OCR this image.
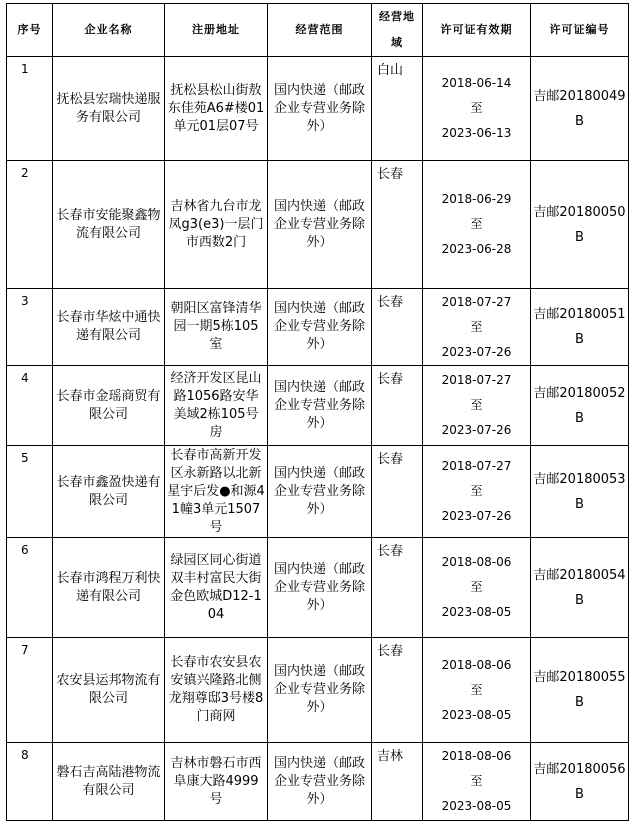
序号	企业名称	注册地址	经营范围	经营地域	许可证有效期	许可证编号
1	抚松县宏瑞快递服务有限公司	抚松县松山街敖东佳苑A6#楼01单元01层07号	国内快递（邮政企业专营业务除外）	白山	2018-06-14
至
2023-06-13	吉邮20180049B

2	长春市安能聚鑫物流有限公司	吉林省九台市龙凤g3(e3)一层门市西数2门	国内快递（邮政企业专营业务除外）	长春	2018-06-29
至
2023-06-28	吉邮20180050B

3	长春市华炫中通快递有限公司	朝阳区富锋清华园一期5栋105室	国内快递（邮政企业专营业务除外）	长春	2018-07-27
至
2023-07-26	吉邮20180051B

4	长春市金瑶商贸有限公司	经济开发区昆山路1056路安华美域2栋105号房	国内快递（邮政企业专营业务除外）	长春	2018-07-27
至
2023-07-26	吉邮20180052B

5	长春市鑫盈快递有限公司	长春市高新开发区永新路以北新星宇后发●和源41幢3单元1507号	国内快递（邮政企业专营业务除外）	长春	2018-07-27
至
2023-07-26	吉邮20180053B

6	长春市鸿程万利快递有限公司	绿园区同心街道双丰村富民大街金色欧城D12-104	国内快递（邮政企业专营业务除外）	长春	2018-08-06
至
2023-08-05	吉邮20180054B

7	农安县运邦物流有限公司	长春市农安县农安镇兴隆路北侧龙翔尊邸3号楼8门商网	国内快递（邮政企业专营业务除外）	长春	2018-08-06
至
2023-08-05	吉邮20180055B

8	磐石吉高陆港物流有限公司	吉林市磐石市西阜康大路4999号	国内快递（邮政企业专营业务除外）	吉林	2018-08-06
至
2023-08-05	吉邮20180056B
